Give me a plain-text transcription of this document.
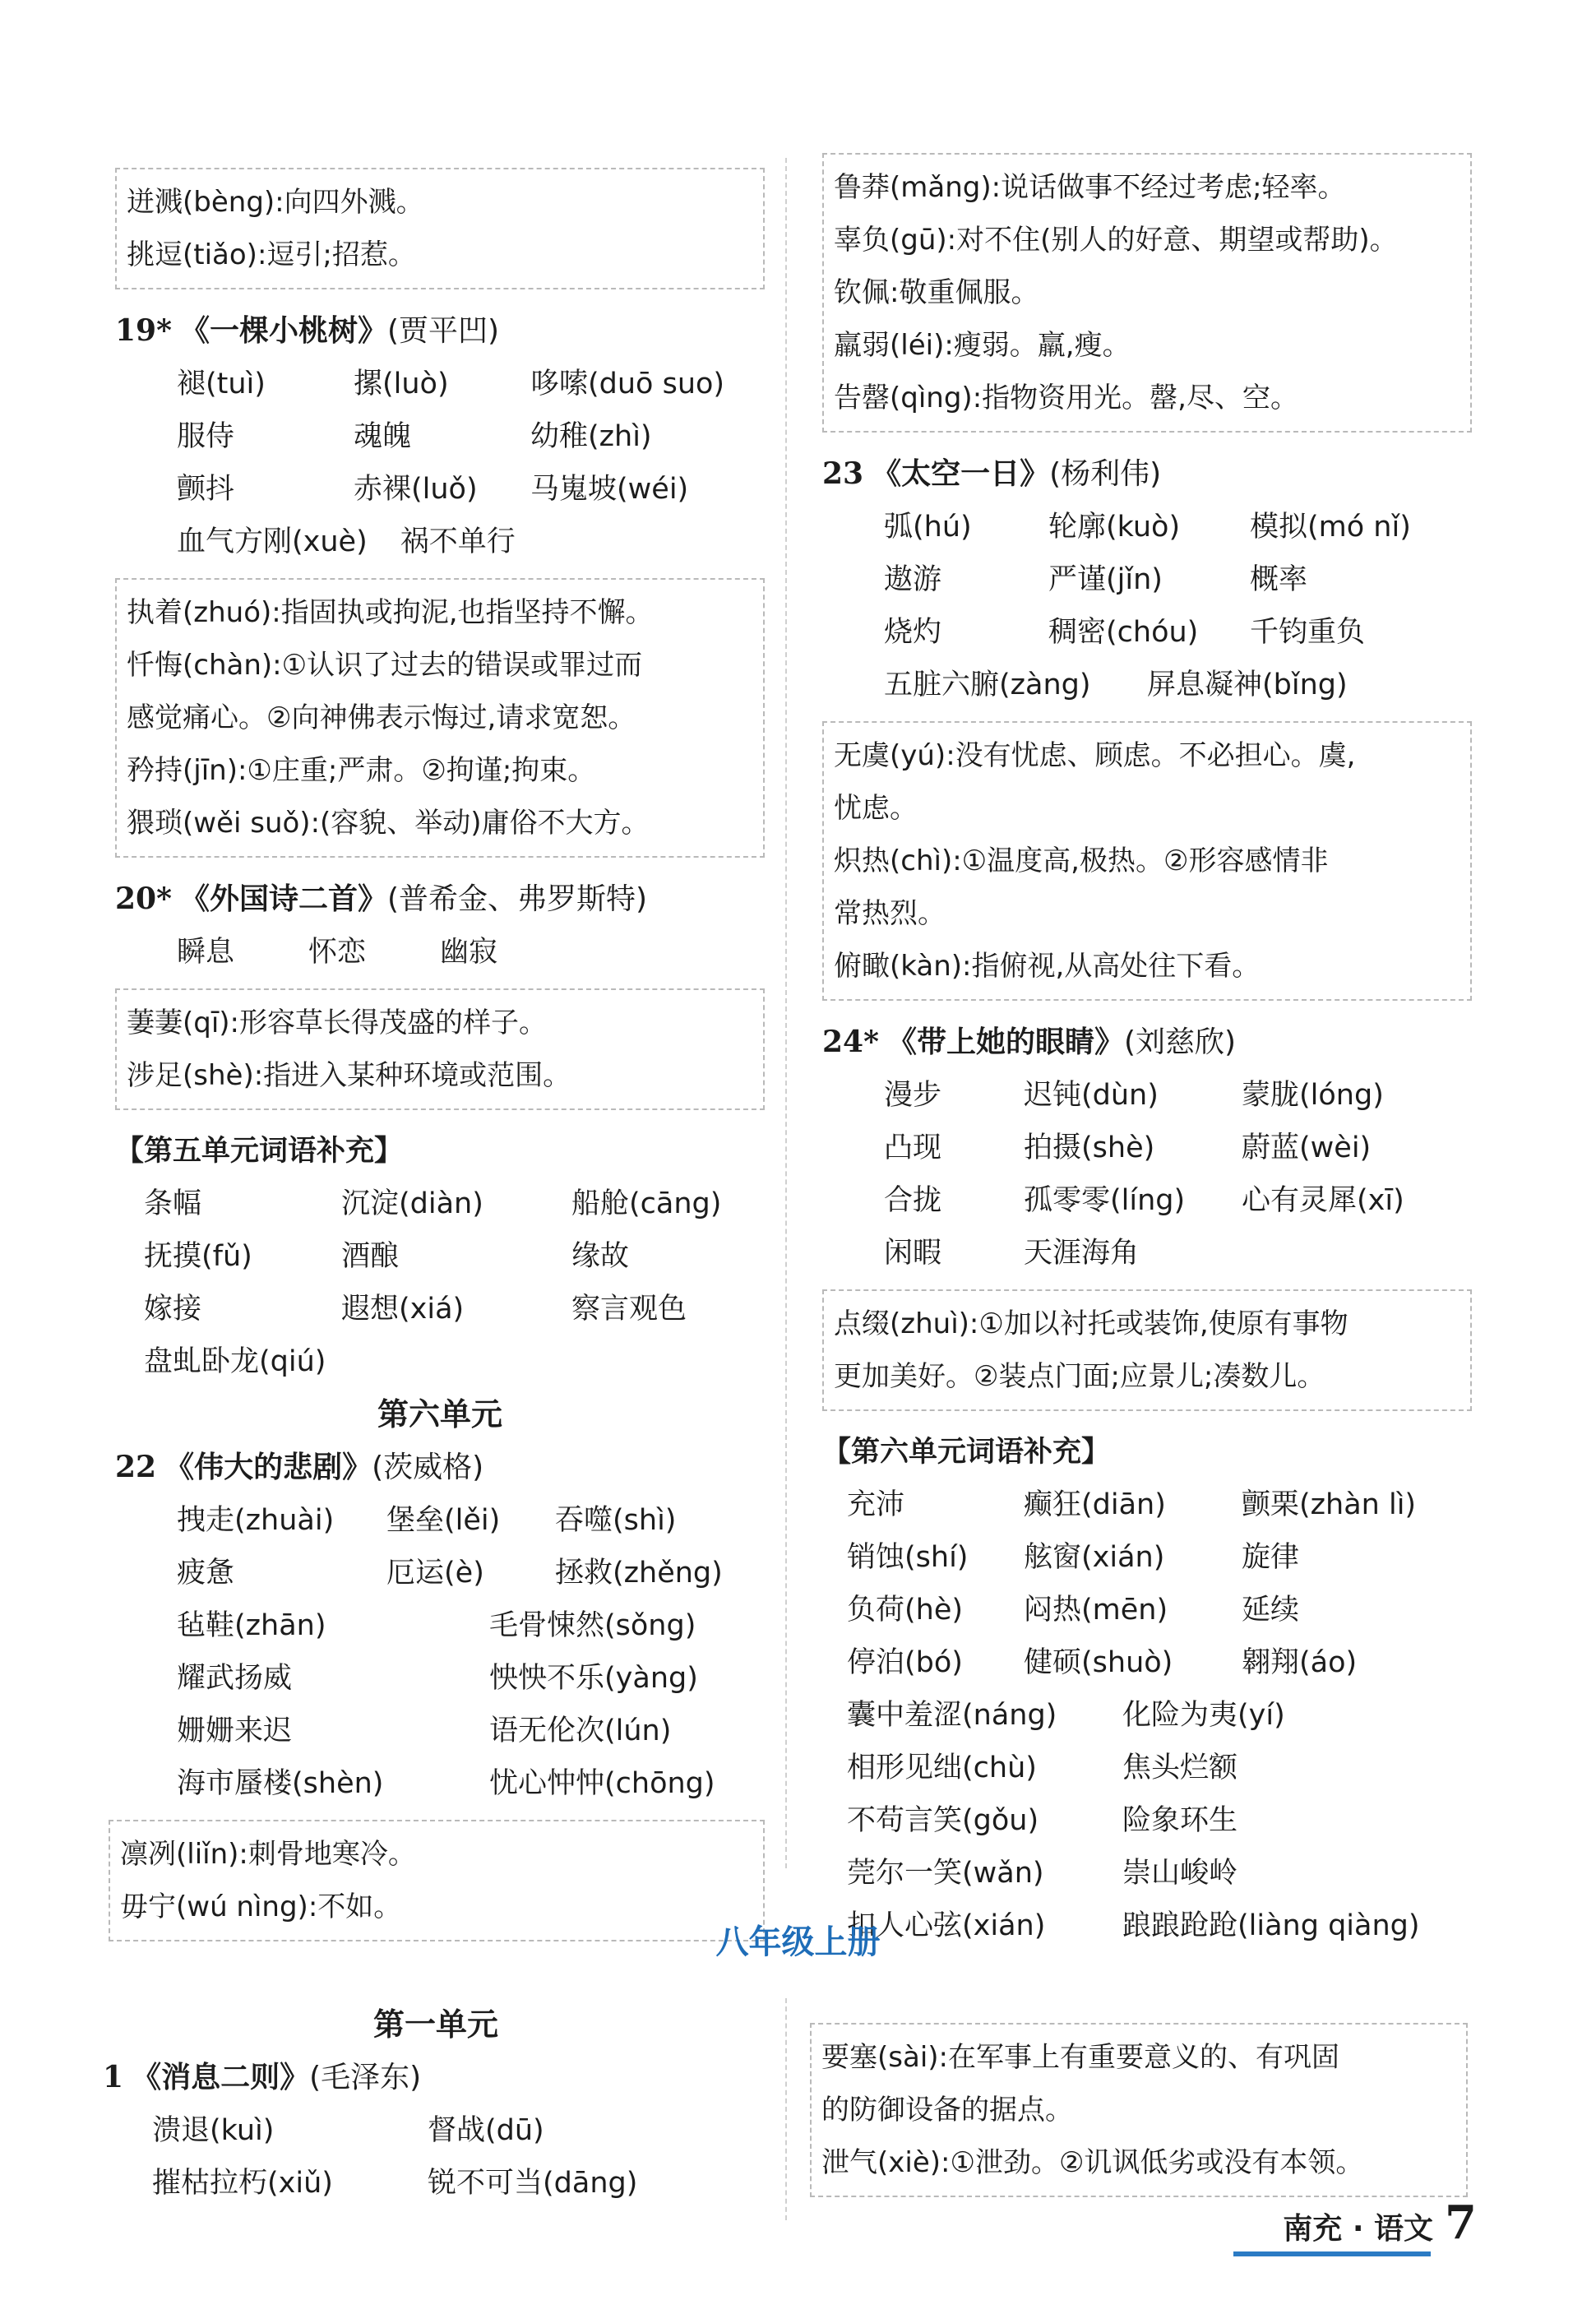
迸溅(bèng):向四外溅。
挑逗(tiǎo):逗引;招惹。
19* 《一棵小桃树》(贾平凹)
褪(tuì)	摞(luò)	哆嗦(duō suo)
服侍	魂魄	幼稚(zhì)
颤抖	赤裸(luǒ) 马嵬坡(wéi)
血气方刚(xuè) 祸不单行
执着(zhuó):指固执或拘泥,也指坚持不懈。
忏悔(chàn):①认识了过去的错误或罪过而
感觉痛心。②向神佛表示悔过,请求宽恕。
矜持(jīn):①庄重;严肃。②拘谨;拘束。
猥琐(wěi suǒ):(容貌、举动)庸俗不大方。
20* 《外国诗二首》(普希金、弗罗斯特)
瞬息	怀恋	幽寂
萋萋(qī):形容草长得茂盛的样子。
涉足(shè):指进入某种环境或范围。
【第五单元词语补充】
条幅	沉淀(diàn)	船舱(cāng)
抚摸(fǔ)	酒酿	缘故
嫁接	遐想(xiá)	察言观色
盘虬卧龙(qiú)
第六单元
22 《伟大的悲剧》(茨威格)
拽走(zhuài) 堡垒(lěi) 吞噬(shì)
疲惫	厄运(è) 拯救(zhěng)
毡鞋(zhān)	毛骨悚然(sǒng)
耀武扬威	怏怏不乐(yàng)
姗姗来迟	语无伦次(lún)
海市蜃楼(shèn)	忧心忡忡(chōng)
凛冽(liǐn):刺骨地寒冷。
毋宁(wú nìng):不如。
鲁莽(mǎng):说话做事不经过考虑;轻率。
辜负(gū):对不住(别人的好意、期望或帮助)。
钦佩:敬重佩服。
羸弱(léi):瘦弱。羸,瘦。
告罄(qìng):指物资用光。罄,尽、空。
23 《太空一日》(杨利伟)
弧(hú)	轮廓(kuò) 模拟(mó nǐ)
遨游	严谨(jǐn)	概率
烧灼	稠密(chóu) 千钧重负
五脏六腑(zàng) 屏息凝神(bǐng)
无虞(yú):没有忧虑、顾虑。不必担心。虞,
忧虑。
炽热(chì):①温度高,极热。②形容感情非
常热烈。
俯瞰(kàn):指俯视,从高处往下看。
24* 《带上她的眼睛》(刘慈欣)
漫步	迟钝(dùn)	蒙胧(lóng)
凸现	拍摄(shè)	蔚蓝(wèi)
合拢	孤零零(líng) 心有灵犀(xī)
闲暇	天涯海角
点缀(zhuì):①加以衬托或装饰,使原有事物
更加美好。②装点门面;应景儿;凑数儿。
【第六单元词语补充】
充沛	癫狂(diān)	颤栗(zhàn lì)
销蚀(shí) 舷窗(xián)	旋律
负荷(hè) 闷热(mēn)	延续
停泊(bó) 健硕(shuò) 翱翔(áo)
囊中羞涩(náng) 化险为夷(yí)
相形见绌(chù)	焦头烂额
不苟言笑(gǒu)	险象环生
莞尔一笑(wǎn)	崇山峻岭
扣人心弦(xián)	踉踉跄跄(liàng qiàng)
八年级上册
第一单元
1 《消息二则》(毛泽东)
溃退(kuì)	督战(dū)
摧枯拉朽(xiǔ)	锐不可当(dāng)
要塞(sài):在军事上有重要意义的、有巩固
的防御设备的据点。
泄气(xiè):①泄劲。②讥讽低劣或没有本领。
南充 · 语文 7
